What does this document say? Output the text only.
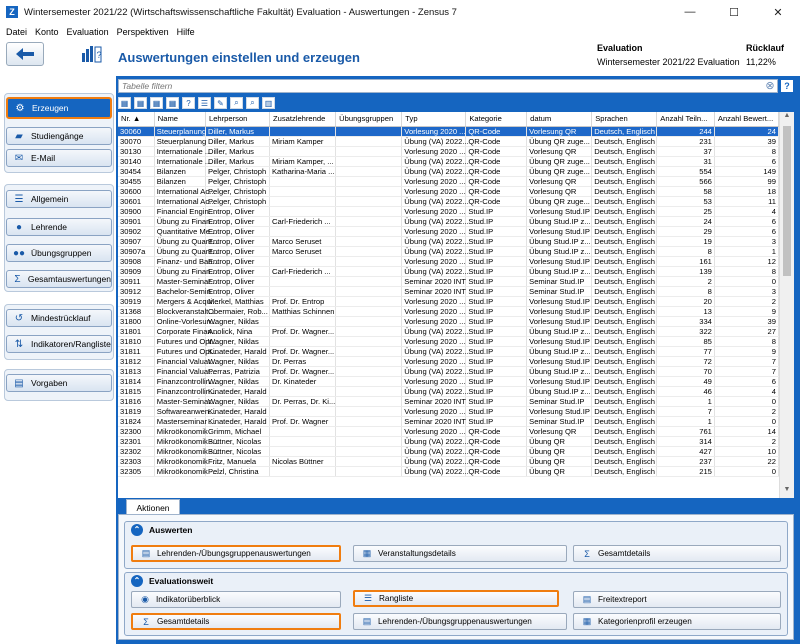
Z Wintersemester 2021/22 (Wirtschaftswissenschaftliche Fakultät) Evaluation - Auswertungen - Zensus 7	—	☐	✕
Datei Konto Evaluation Perspektiven Hilfe
? Auswertungen einstellen und erzeugen
Evaluation
Wintersemester 2021/22 Evaluation
Rücklauf
11,22%
⚙ Erzeugen
▰ Studiengänge
✉ E-Mail
☰ Allgemein
●	Lehrende
●● Übungsgruppen
Σ Gesamtauswertungen
↺ Mindestrücklauf
⇅ Indikatoren/Rangliste
▤ Vorgaben
Tabelle filtern
⊗	?
▦	▦	▦	▦	?	☰	✎	⌕	⌕	▥
Nr. ▲	Name	Lehrperson	Zusatzlehrende	Übungsgruppen	Typ	Kategorie	datum	Sprachen	Anzahl Teiln...	Anzahl Bewert...
30060	Steuerplanung	Diller, Markus			Vorlesung 2020 ...	QR-Code	Vorlesung QR	Deutsch, Englisch	244	24
30070	Steuerplanung	Diller, Markus	Miriam Kamper		Übung (VA) 2022...	QR-Code	Übung QR zuge...	Deutsch, Englisch	231	39
30130	Internationale ...	Diller, Markus			Vorlesung 2020 ...	QR-Code	Vorlesung QR	Deutsch, Englisch	37	8
30140	Internationale ...	Diller, Markus	Miriam Kamper, ...		Übung (VA) 2022...	QR-Code	Übung QR zuge...	Deutsch, Englisch	31	6
30454	Bilanzen	Pelger, Christoph	Katharina-Maria ...		Übung (VA) 2022...	QR-Code	Übung QR zuge...	Deutsch, Englisch	554	149
30455	Bilanzen	Pelger, Christoph			Vorlesung 2020 ...	QR-Code	Vorlesung QR	Deutsch, Englisch	566	99
30600	International Ac...	Pelger, Christoph			Vorlesung 2020 ...	QR-Code	Vorlesung QR	Deutsch, Englisch	58	18
30601	International Ac...	Pelger, Christoph			Übung (VA) 2022...	QR-Code	Übung QR zuge...	Deutsch, Englisch	53	11
30900	Financial Engin...	Entrop, Oliver			Vorlesung 2020 ...	Stud.IP	Vorlesung Stud.IP	Deutsch, Englisch	25	4
30901	Übung zu Finan...	Entrop, Oliver	Carl-Friederich ...		Übung (VA) 2022...	Stud.IP	Übung Stud.IP z...	Deutsch, Englisch	24	6
30902	Quantitative Me...	Entrop, Oliver			Vorlesung 2020 ...	Stud.IP	Vorlesung Stud.IP	Deutsch, Englisch	29	6
30907	Übung zu Quant...	Entrop, Oliver	Marco Seruset		Übung (VA) 2022...	Stud.IP	Übung Stud.IP z...	Deutsch, Englisch	19	3
30907a	Übung zu Quant...	Entrop, Oliver	Marco Seruset		Übung (VA) 2022...	Stud.IP	Übung Stud.IP z...	Deutsch, Englisch	8	1
30908	Finanz- und Ban...	Entrop, Oliver			Vorlesung 2020 ...	Stud.IP	Vorlesung Stud.IP	Deutsch, Englisch	161	12
30909	Übung zu Finan...	Entrop, Oliver	Carl-Friederich ...		Übung (VA) 2022...	Stud.IP	Übung Stud.IP z...	Deutsch, Englisch	139	8
30911	Master-Seminar...	Entrop, Oliver			Seminar 2020 INT	Stud.IP	Seminar Stud.IP	Deutsch, Englisch	2	0
30912	Bachelor-Semin...	Entrop, Oliver			Seminar 2020 INT	Stud.IP	Seminar Stud.IP	Deutsch, Englisch	8	3
30919	Mergers & Acqui...	Merkel, Matthias	Prof. Dr. Entrop		Vorlesung 2020 ...	Stud.IP	Vorlesung Stud.IP	Deutsch, Englisch	20	2
31368	Blockveranstalt...	Obermaier, Rob...	Matthias Schinnen		Vorlesung 2020 ...	Stud.IP	Vorlesung Stud.IP	Deutsch, Englisch	13	9
31800	Online-Vorlesun...	Wagner, Niklas			Vorlesung 2020 ...	Stud.IP	Vorlesung Stud.IP	Deutsch, Englisch	334	39
31801	Corporate Finan...	Anolick, Nina	Prof. Dr. Wagner...		Übung (VA) 2022...	Stud.IP	Übung Stud.IP z...	Deutsch, Englisch	322	27
31810	Futures und Opt...	Wagner, Niklas			Vorlesung 2020 ...	Stud.IP	Vorlesung Stud.IP	Deutsch, Englisch	85	8
31811	Futures und Opt...	Kinateder, Harald	Prof. Dr. Wagner...		Übung (VA) 2022...	Stud.IP	Übung Stud.IP z...	Deutsch, Englisch	77	9
31812	Financial Valuat...	Wagner, Niklas	Dr. Perras		Vorlesung 2020 ...	Stud.IP	Vorlesung Stud.IP	Deutsch, Englisch	72	7
31813	Financial Valuat...	Perras, Patrizia	Prof. Dr. Wagner...		Übung (VA) 2022...	Stud.IP	Übung Stud.IP z...	Deutsch, Englisch	70	7
31814	Finanzcontrollin...	Wagner, Niklas	Dr. Kinateder		Vorlesung 2020 ...	Stud.IP	Vorlesung Stud.IP	Deutsch, Englisch	49	6
31815	Finanzcontrollin...	Kinateder, Harald			Übung (VA) 2022...	Stud.IP	Übung Stud.IP z...	Deutsch, Englisch	46	4
31816	Master-Seminar...	Wagner, Niklas	Dr. Perras, Dr. Ki...		Seminar 2020 INT	Stud.IP	Seminar Stud.IP	Deutsch, Englisch	1	0
31819	Softwareanwen...	Kinateder, Harald			Vorlesung 2020 ...	Stud.IP	Vorlesung Stud.IP	Deutsch, Englisch	7	2
31824	Masterseminar ...	Kinateder, Harald	Prof. Dr. Wagner		Seminar 2020 INT	Stud.IP	Seminar Stud.IP	Deutsch, Englisch	1	0
32300	Mikroökonomik	Grimm, Michael			Vorlesung 2020 ...	QR-Code	Vorlesung QR	Deutsch, Englisch	761	14
32301	Mikroökonomik -...	Büttner, Nicolas			Übung (VA) 2022...	QR-Code	Übung QR	Deutsch, Englisch	314	2
32302	Mikroökonomik -...	Büttner, Nicolas			Übung (VA) 2022...	QR-Code	Übung QR	Deutsch, Englisch	427	10
32303	Mikroökonomik -...	Fritz, Manuela	Nicolas Büttner		Übung (VA) 2022...	QR-Code	Übung QR	Deutsch, Englisch	237	22
32305	Mikroökonomik -...	Pelzl, Christina			Übung (VA) 2022...	QR-Code	Übung QR	Deutsch, Englisch	215	0
▲
▼
Aktionen
⌃	Auswerten
▤ Lehrenden-/Übungsgruppenauswertungen	▦ Veranstaltungsdetails	Σ	Gesamtdetails
⌃	Evaluationsweit
◉ Indikatorüberblick	☰ Rangliste	▤ Freitextreport
Σ	Gesamtdetails	▤ Lehrenden-/Übungsgruppenauswertungen	▦ Kategorienprofil erzeugen
